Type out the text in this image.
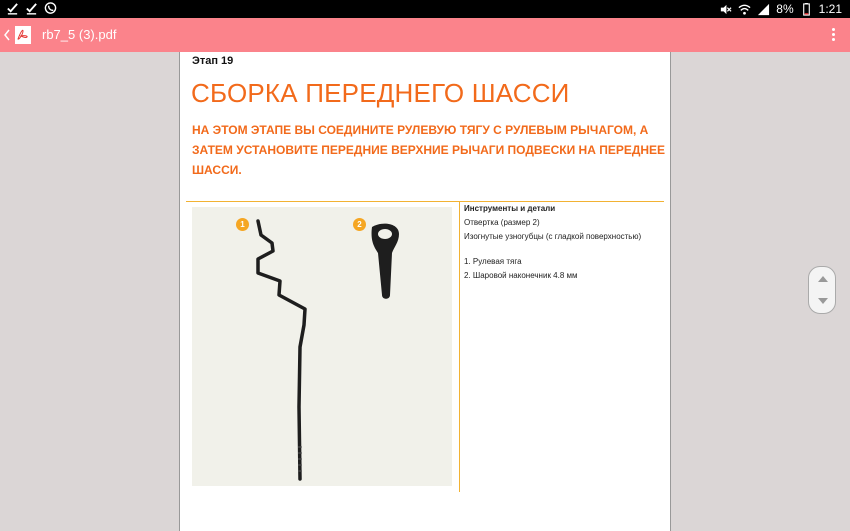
8% 1:21
rb7_5 (3).pdf
Этап 19
СБОРКА ПЕРЕДНЕГО ШАССИ
НА ЭТОМ ЭТАПЕ ВЫ СОЕДИНИТЕ РУЛЕВУЮ ТЯГУ С РУЛЕВЫМ РЫЧАГОМ, А ЗАТЕМ УСТАНОВИТЕ ПЕРЕДНИЕ ВЕРХНИЕ РЫЧАГИ ПОДВЕСКИ НА ПЕРЕДНЕЕ ШАССИ.
1	2
Инструменты и детали
Отвертка (размер 2)
Изогнутые узногубцы (с гладкой поверхностью)
1. Рулевая тяга
2. Шаровой наконечник 4.8 мм
